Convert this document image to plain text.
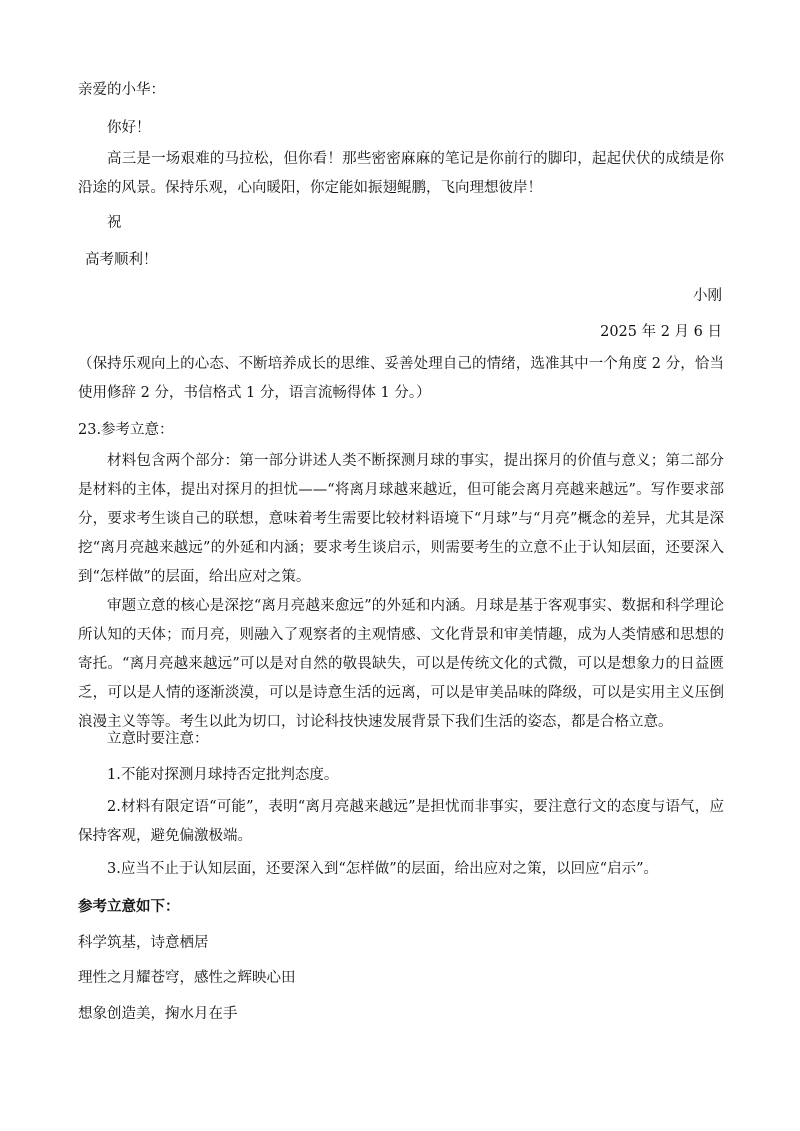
亲爱的小华：
你好！
高三是一场艰难的马拉松，但你看！那些密密麻麻的笔记是你前行的脚印，起起伏伏的成绩是你沿途的风景。保持乐观，心向暖阳，你定能如振翅鲲鹏，飞向理想彼岸！
祝
高考顺利！
小刚
2025 年 2 月 6 日
（保持乐观向上的心态、不断培养成长的思维、妥善处理自己的情绪，选准其中一个角度 2 分，恰当使用修辞 2 分，书信格式 1 分，语言流畅得体 1 分。）
23.参考立意：
材料包含两个部分：第一部分讲述人类不断探测月球的事实，提出探月的价值与意义；第二部分是材料的主体，提出对探月的担忧——“将离月球越来越近，但可能会离月亮越来越远”。写作要求部分，要求考生谈自己的联想，意味着考生需要比较材料语境下“月球”与“月亮”概念的差异，尤其是深挖“离月亮越来越远”的外延和内涵；要求考生谈启示，则需要考生的立意不止于认知层面，还要深入到“怎样做”的层面，给出应对之策。
审题立意的核心是深挖“离月亮越来愈远”的外延和内涵。月球是基于客观事实、数据和科学理论所认知的天体；而月亮，则融入了观察者的主观情感、文化背景和审美情趣，成为人类情感和思想的寄托。“离月亮越来越远”可以是对自然的敬畏缺失，可以是传统文化的式微，可以是想象力的日益匮乏，可以是人情的逐渐淡漠，可以是诗意生活的远离，可以是审美品味的降级，可以是实用主义压倒浪漫主义等等。考生以此为切口，讨论科技快速发展背景下我们生活的姿态，都是合格立意。
立意时要注意：
1.不能对探测月球持否定批判态度。
2.材料有限定语“可能”，表明“离月亮越来越远”是担忧而非事实，要注意行文的态度与语气，应保持客观，避免偏激极端。
3.应当不止于认知层面，还要深入到“怎样做”的层面，给出应对之策，以回应“启示”。
参考立意如下：
科学筑基，诗意栖居
理性之月耀苍穹，感性之辉映心田
想象创造美，掬水月在手
